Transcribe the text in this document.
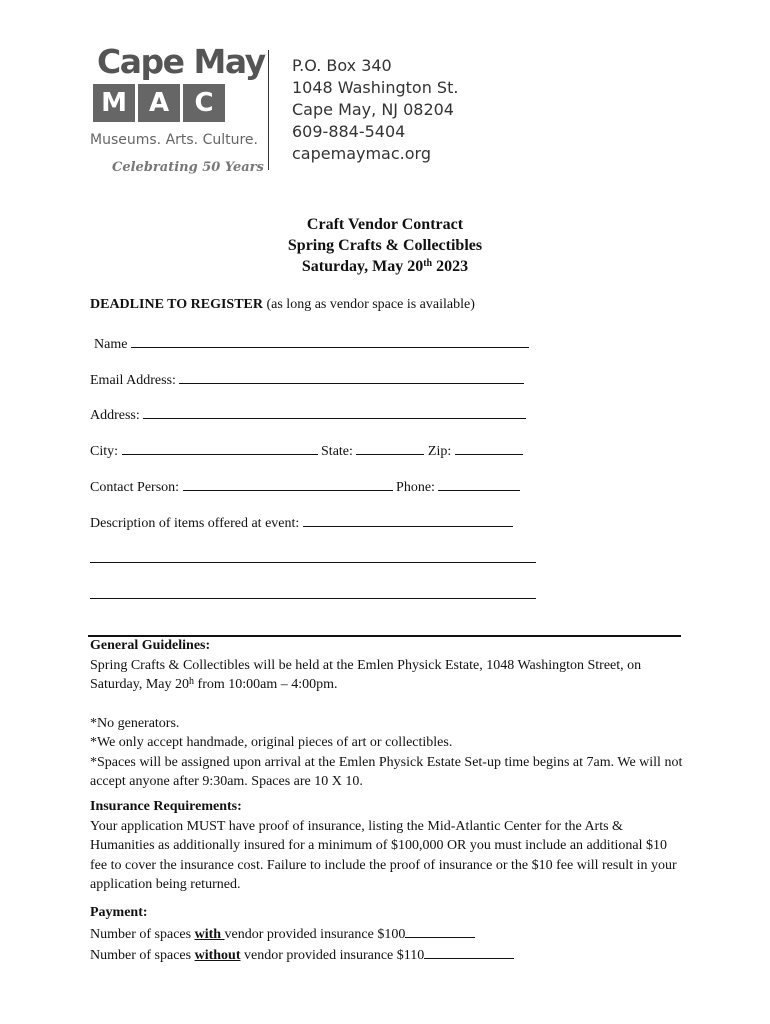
Cape May
M A C
Museums. Arts. Culture.
Celebrating 50 Years
P.O. Box 340
1048 Washington St.
Cape May, NJ 08204
609-884-5404
capemaymac.org
Craft Vendor Contract
Spring Crafts & Collectibles
Saturday, May 20th 2023
DEADLINE TO REGISTER (as long as vendor space is available)
Name
Email Address:
Address:
City:	State:	Zip:
Contact Person:	Phone:
Description of items offered at event:
General Guidelines:
Spring Crafts & Collectibles will be held at the Emlen Physick Estate, 1048 Washington Street, on Saturday, May 20$^h$ from 10:00am – 4:00pm.
*No generators.
*We only accept handmade, original pieces of art or collectibles.
*Spaces will be assigned upon arrival at the Emlen Physick Estate Set-up time begins at 7am. We will not accept anyone after 9:30am. Spaces are 10 X 10.
Insurance Requirements:
Your application MUST have proof of insurance, listing the Mid-Atlantic Center for the Arts & Humanities as additionally insured for a minimum of $100,000 OR you must include an additional $10 fee to cover the insurance cost. Failure to include the proof of insurance or the $10 fee will result in your application being returned.
Payment:
Number of spaces with vendor provided insurance $100
Number of spaces without vendor provided insurance $110
